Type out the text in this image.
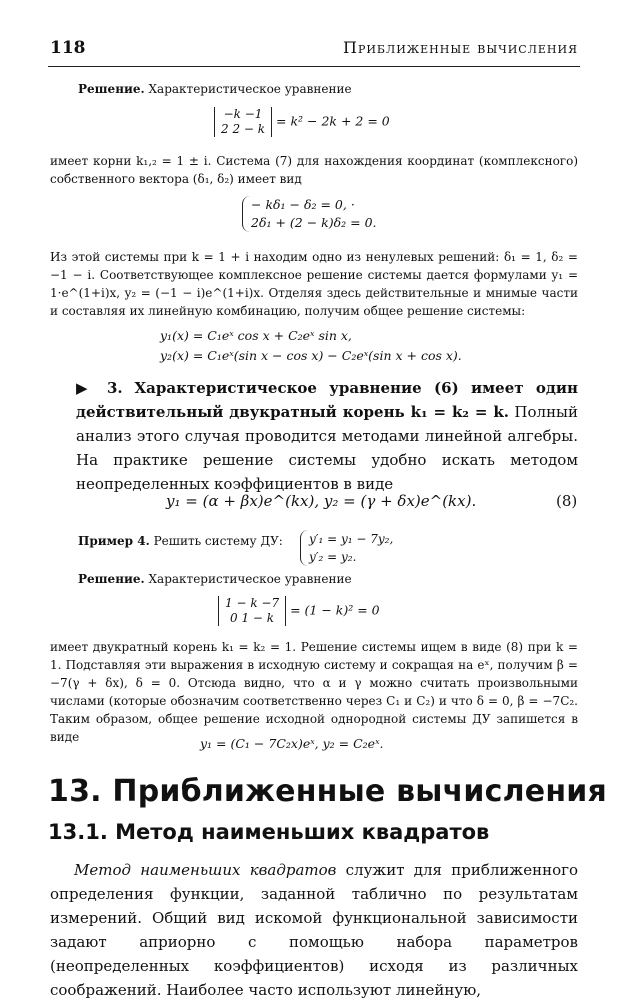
118	Приближенные вычисления
Решение. Характеристическое уравнение
−k −1
2 2 − k
= k² − 2k + 2 = 0
имеет корни k₁,₂ = 1 ± i. Система (7) для нахождения координат (комплексного) собственного вектора (δ₁, δ₂) имеет вид
− kδ₁ − δ₂ = 0, ·
2δ₁ + (2 − k)δ₂ = 0.
Из этой системы при k = 1 + i находим одно из ненулевых решений: δ₁ = 1, δ₂ = −1 − i. Соответствующее комплексное решение системы дается формулами y₁ = 1·e^(1+i)x, y₂ = (−1 − i)e^(1+i)x. Отделяя здесь действительные и мнимые части и составляя их линейную комбинацию, получим общее решение системы:
y₁(x) = C₁eˣ cos x + C₂eˣ sin x,
y₂(x) = C₁eˣ(sin x − cos x) − C₂eˣ(sin x + cos x).
▶ 3. Характеристическое уравнение (6) имеет один действительный двукратный корень k₁ = k₂ = k. Полный анализ этого случая проводится методами линейной алгебры. На практике решение системы удобно искать методом неопределенных коэффициентов в виде
y₁ = (α + βx)e^(kx), y₂ = (γ + δx)e^(kx).	(8)
Пример 4. Решить систему ДУ: y′₁ = y₁ − 7y₂,
y′₂ = y₂.
Решение. Характеристическое уравнение
1 − k −7
0 1 − k
= (1 − k)² = 0
имеет двукратный корень k₁ = k₂ = 1. Решение системы ищем в виде (8) при k = 1. Подставляя эти выражения в исходную систему и сокращая на eˣ, получим β = −7(γ + δx), δ = 0. Отсюда видно, что α и γ можно считать произвольными числами (которые обозначим соответственно через C₁ и C₂) и что δ = 0, β = −7C₂. Таким образом, общее решение исходной однородной системы ДУ запишется в виде	y₁ = (C₁ − 7C₂x)eˣ, y₂ = C₂eˣ.
13. Приближенные вычисления
13.1. Метод наименьших квадратов
Метод наименьших квадратов служит для приближенного определения функции, заданной таблично по результатам измерений. Общий вид искомой функциональной зависимости задают априорно с помощью набора параметров (неопределенных коэффициентов) исходя из различных соображений. Наиболее часто используют линейную,
